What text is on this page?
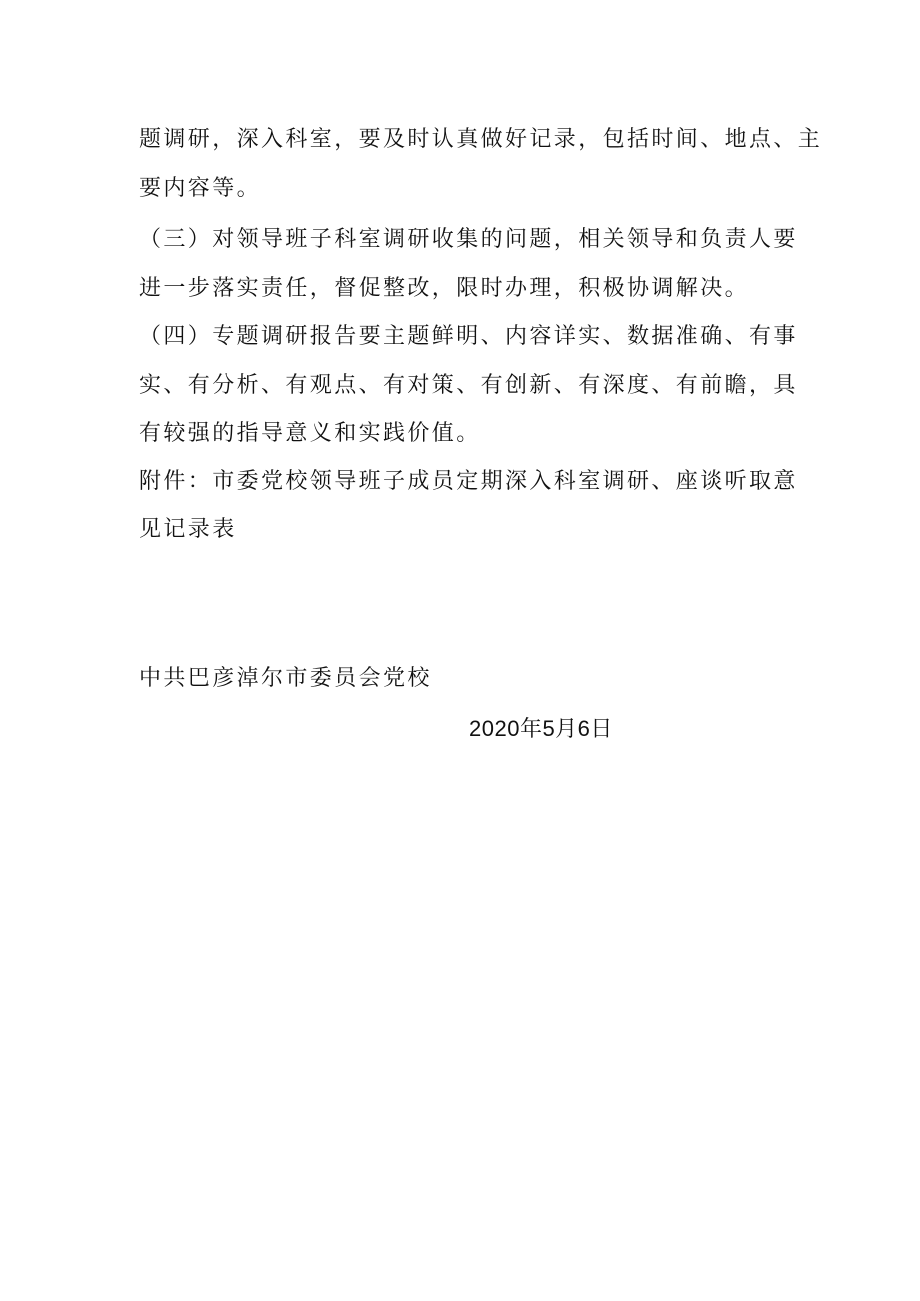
题调研，深入科室，要及时认真做好记录，包括时间、地点、主
要内容等。
（三）对领导班子科室调研收集的问题，相关领导和负责人要
进一步落实责任，督促整改，限时办理，积极协调解决。
（四）专题调研报告要主题鲜明、内容详实、数据准确、有事
实、有分析、有观点、有对策、有创新、有深度、有前瞻，具
有较强的指导意义和实践价值。
附件：市委党校领导班子成员定期深入科室调研、座谈听取意
见记录表
中共巴彦淖尔市委员会党校
2020年5月6日
